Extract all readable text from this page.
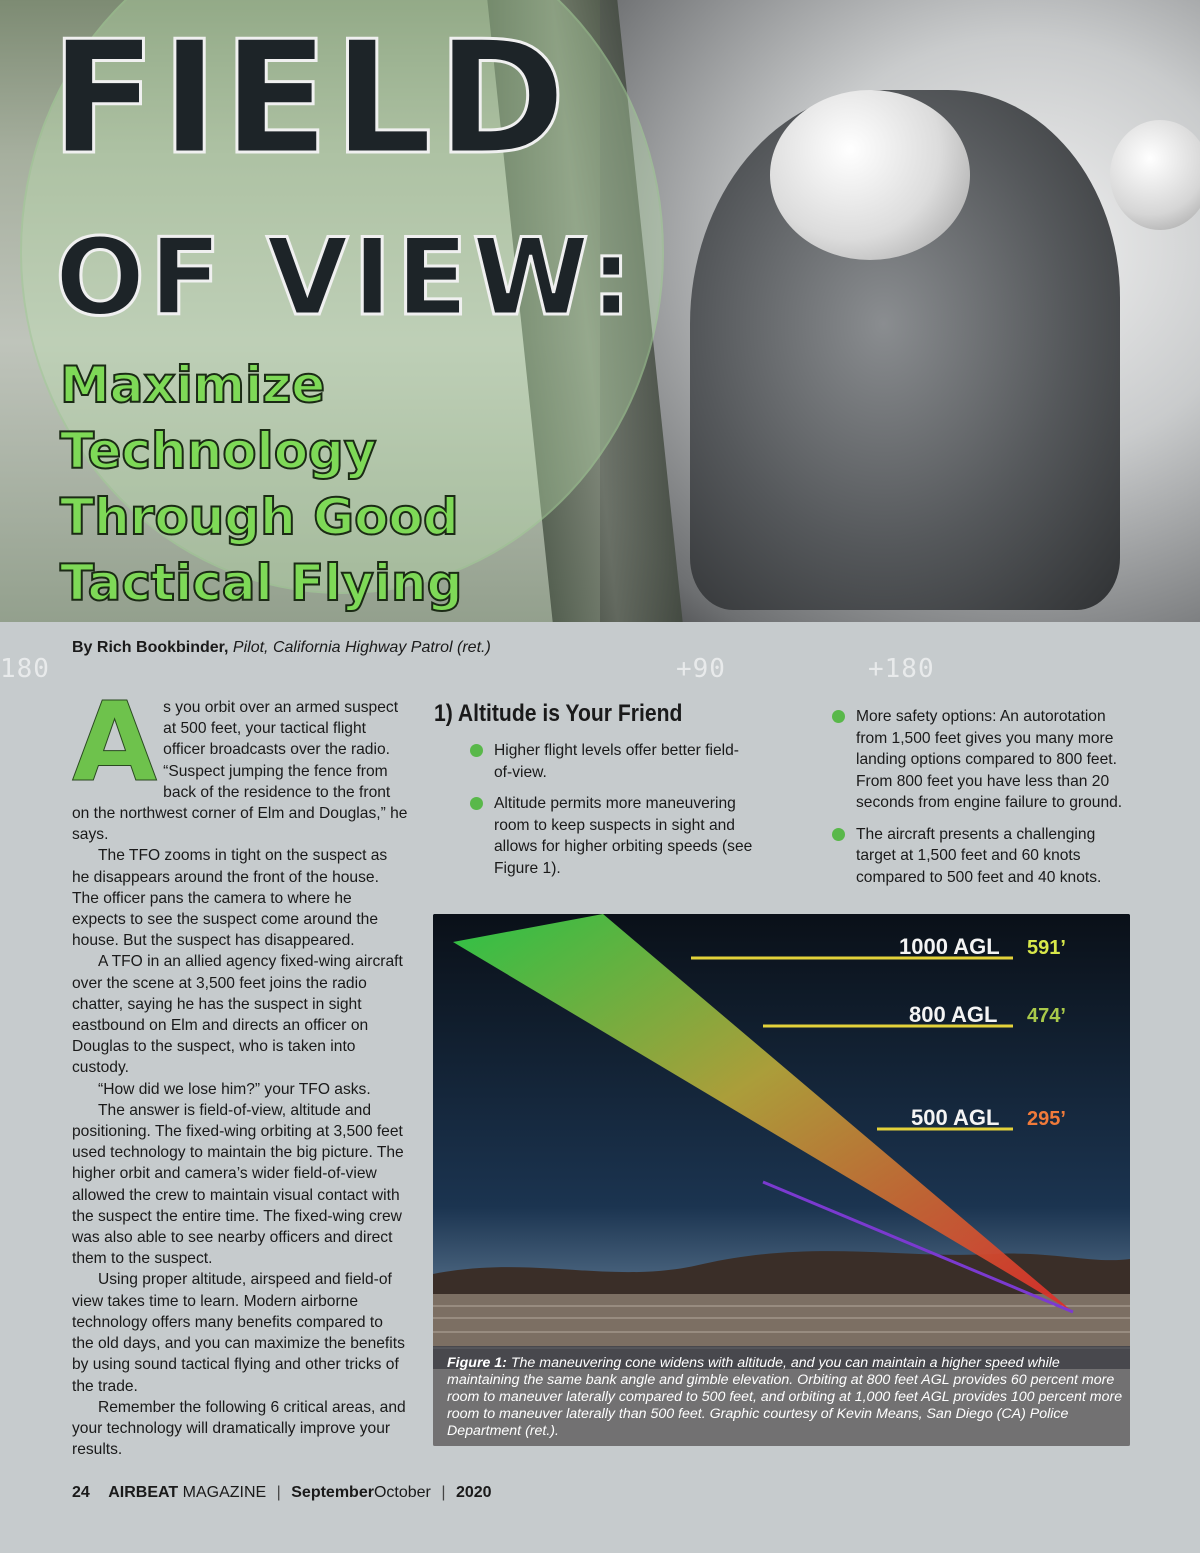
FIELD
OF VIEW:
Maximize Technology
Through Good
Tactical Flying
By Rich Bookbinder, Pilot, California Highway Patrol (ret.)
180	+90	+180
A s you orbit over an armed suspect at 500 feet, your tactical flight officer broadcasts over the radio. “Suspect jumping the fence from back of the residence to the front on the northwest corner of Elm and Douglas,” he says.

The TFO zooms in tight on the suspect as he disappears around the front of the house. The officer pans the camera to where he expects to see the suspect come around the house. But the suspect has disappeared.

A TFO in an allied agency fixed-wing aircraft over the scene at 3,500 feet joins the radio chatter, saying he has the suspect in sight eastbound on Elm and directs an officer on Douglas to the suspect, who is taken into custody.

“How did we lose him?” your TFO asks.

The answer is field-of-view, altitude and positioning. The fixed-wing orbiting at 3,500 feet used technology to maintain the big picture. The higher orbit and camera’s wider field-of-view allowed the crew to maintain visual contact with the suspect the entire time. The fixed-wing crew was also able to see nearby officers and direct them to the suspect.

Using proper altitude, airspeed and field-of view takes time to learn. Modern airborne technology offers many benefits compared to the old days, and you can maximize the benefits by using sound tactical flying and other tricks of the trade.

Remember the following 6 critical areas, and your technology will dramatically improve your results.

1) Altitude is Your Friend
Higher flight levels offer better field-of-view.
Altitude permits more maneuvering room to keep suspects in sight and allows for higher orbiting speeds (see Figure 1).
More safety options: An autorotation from 1,500 feet gives you many more landing options compared to 800 feet. From 800 feet you have less than 20 seconds from engine failure to ground.
The aircraft presents a challenging target at 1,500 feet and 60 knots compared to 500 feet and 40 knots.
1000 AGL 591’
800 AGL 474’
500 AGL 295’
Figure 1: The maneuvering cone widens with altitude, and you can maintain a higher speed while maintaining the same bank angle and gimble elevation. Orbiting at 800 feet AGL provides 60 percent more room to maneuver laterally compared to 500 feet, and orbiting at 1,000 feet AGL provides 100 percent more room to maneuver laterally than 500 feet. Graphic courtesy of Kevin Means, San Diego (CA) Police Department (ret.).
24 AIRBEAT MAGAZINE | SeptemberOctober | 2020
